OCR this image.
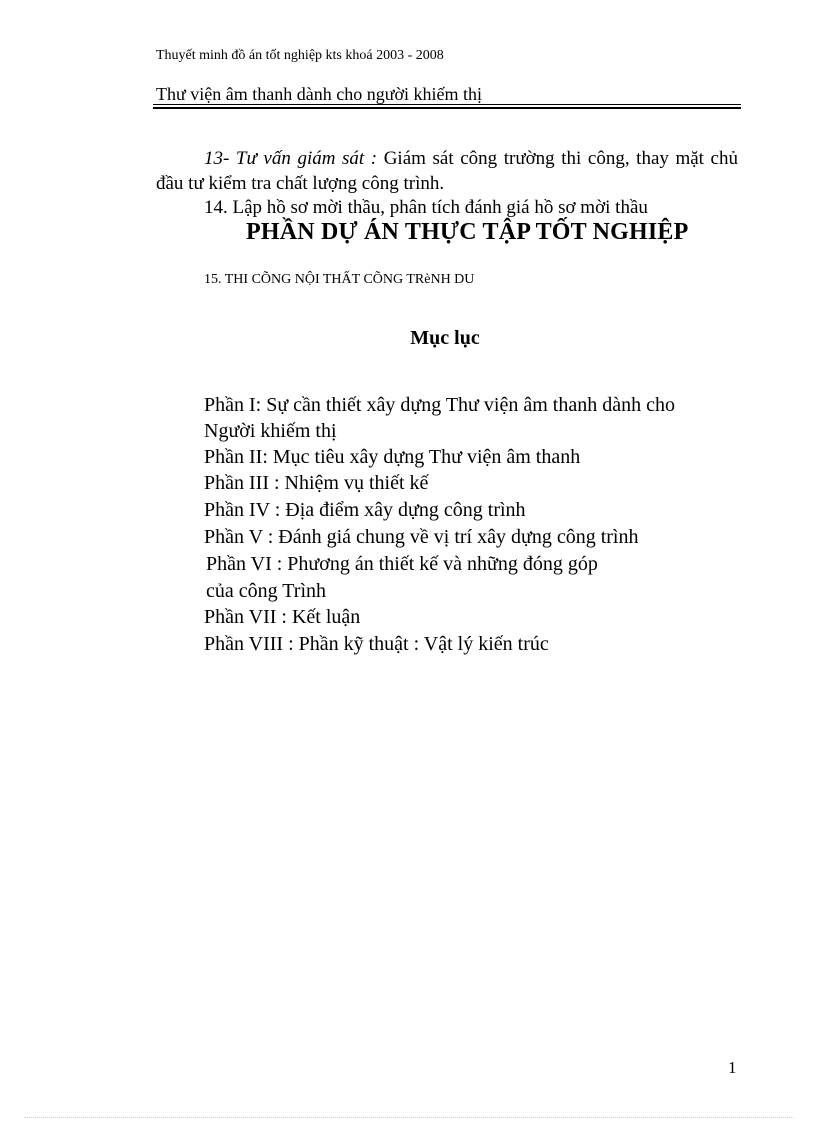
Thuyết minh đồ án tốt nghiệp kts khoá 2003 - 2008
Thư viện âm thanh dành cho người khiếm thị
13- Tư vấn giám sát : Giám sát công trường thi công, thay mặt chủ đầu tư kiểm tra chất lượng công trình.
14. Lập hồ sơ mời thầu, phân tích đánh giá hồ sơ mời thầu
PHẦN DỰ ÁN THỰC TẬP TỐT NGHIỆP
15. THI CÕNG NỘI THẤT CÕNG TRèNH DU
Mục lục
Phần I: Sự cần thiết xây dựng Thư viện âm thanh dành cho
Người khiếm thị
Phần II: Mục tiêu xây dựng Thư viện âm thanh
Phần III : Nhiệm vụ thiết kế
Phần IV : Địa điểm xây dựng công trình
Phần V : Đánh giá chung về vị trí xây dựng công trình
Phần VI : Phương án thiết kế và những đóng góp
của công Trình
Phần VII : Kết luận
Phần VIII : Phần kỹ thuật : Vật lý kiến trúc
1
